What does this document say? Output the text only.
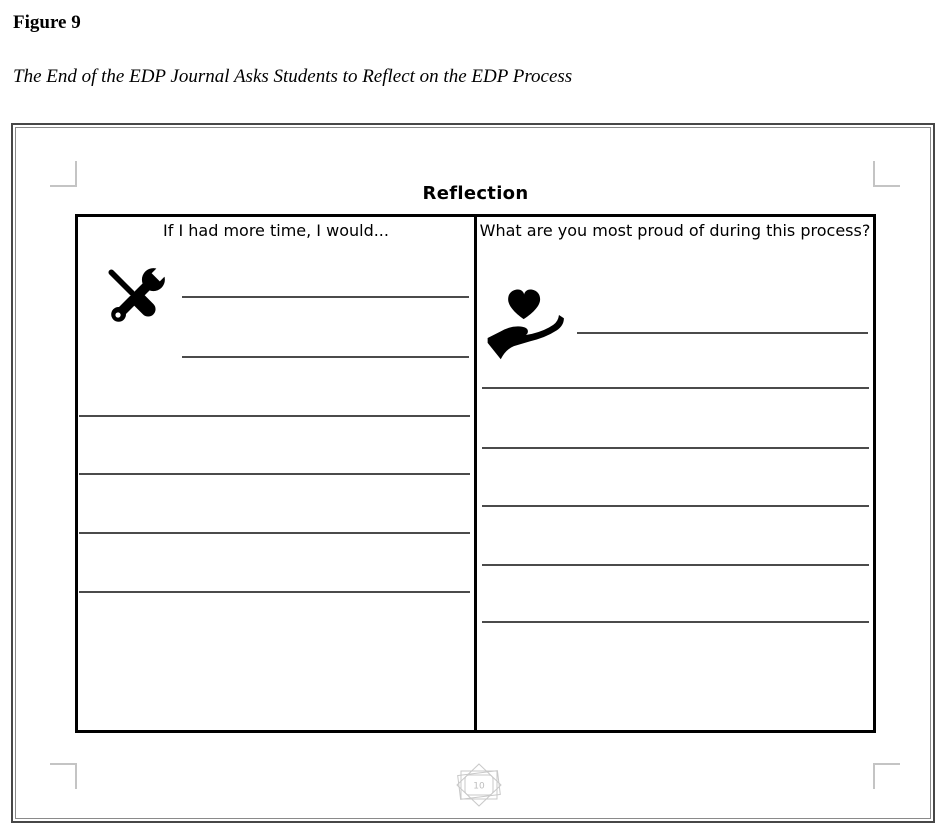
Figure 9
The End of the EDP Journal Asks Students to Reflect on the EDP Process
Reflection
If I had more time, I would...	What are you most proud of during this process?
10
